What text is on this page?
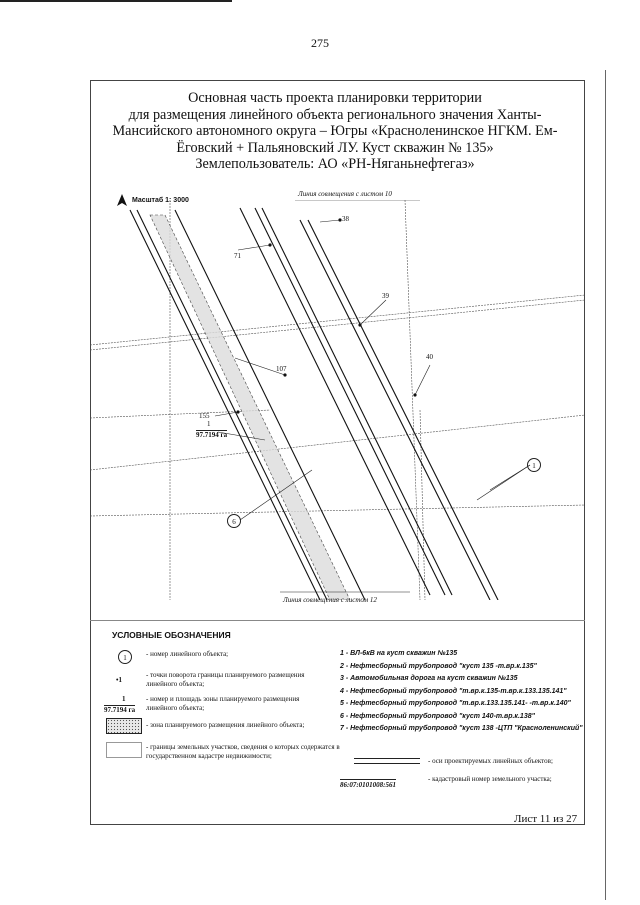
275
Основная часть проекта планировки территории
для размещения линейного объекта регионального значения Ханты-
Мансийского автономного округа – Югры «Красноленинское НГКМ. Ем-
Ёговский + Пальяновский ЛУ. Куст скважин № 135»
Землепользователь: АО «РН-Няганьнефтегаз»
Масштаб 1: 3000
Линия совмещения с листом 10
38
71
39
40
107
155
1
97.7194 га
1
6
Линия совмещения с листом 12
УСЛОВНЫЕ ОБОЗНАЧЕНИЯ
1	- номер линейного объекта;
•1
- точки поворота границы планируемого размещения линейного объекта;
1
97.7194 га
- номер и площадь зоны планируемого размещения линейного объекта;
- зона планируемого размещения линейного объекта;
- границы земельных участков, сведения о которых содержатся в государственном кадастре недвижимости;
1 - ВЛ-6кВ на куст скважин №135
2 - Нефтесборный трубопровод "куст 135 -т.вр.к.135"
3 - Автомобильная дорога на куст скважин №135
4 - Нефтесборный трубопровод "т.вр.к.135-т.вр.к.133.135.141"
5 - Нефтесборный трубопровод "т.вр.к.133.135.141- -т.вр.к.140"
6 - Нефтесборный трубопровод "куст 140-т.вр.к.138"
7 - Нефтесборный трубопровод "куст 138 -ЦТП "Красноленинский"
- оси проектируемых линейных объектов;
86:07:0101008:561
- кадастровый номер земельного участка;
Лист 11 из 27
